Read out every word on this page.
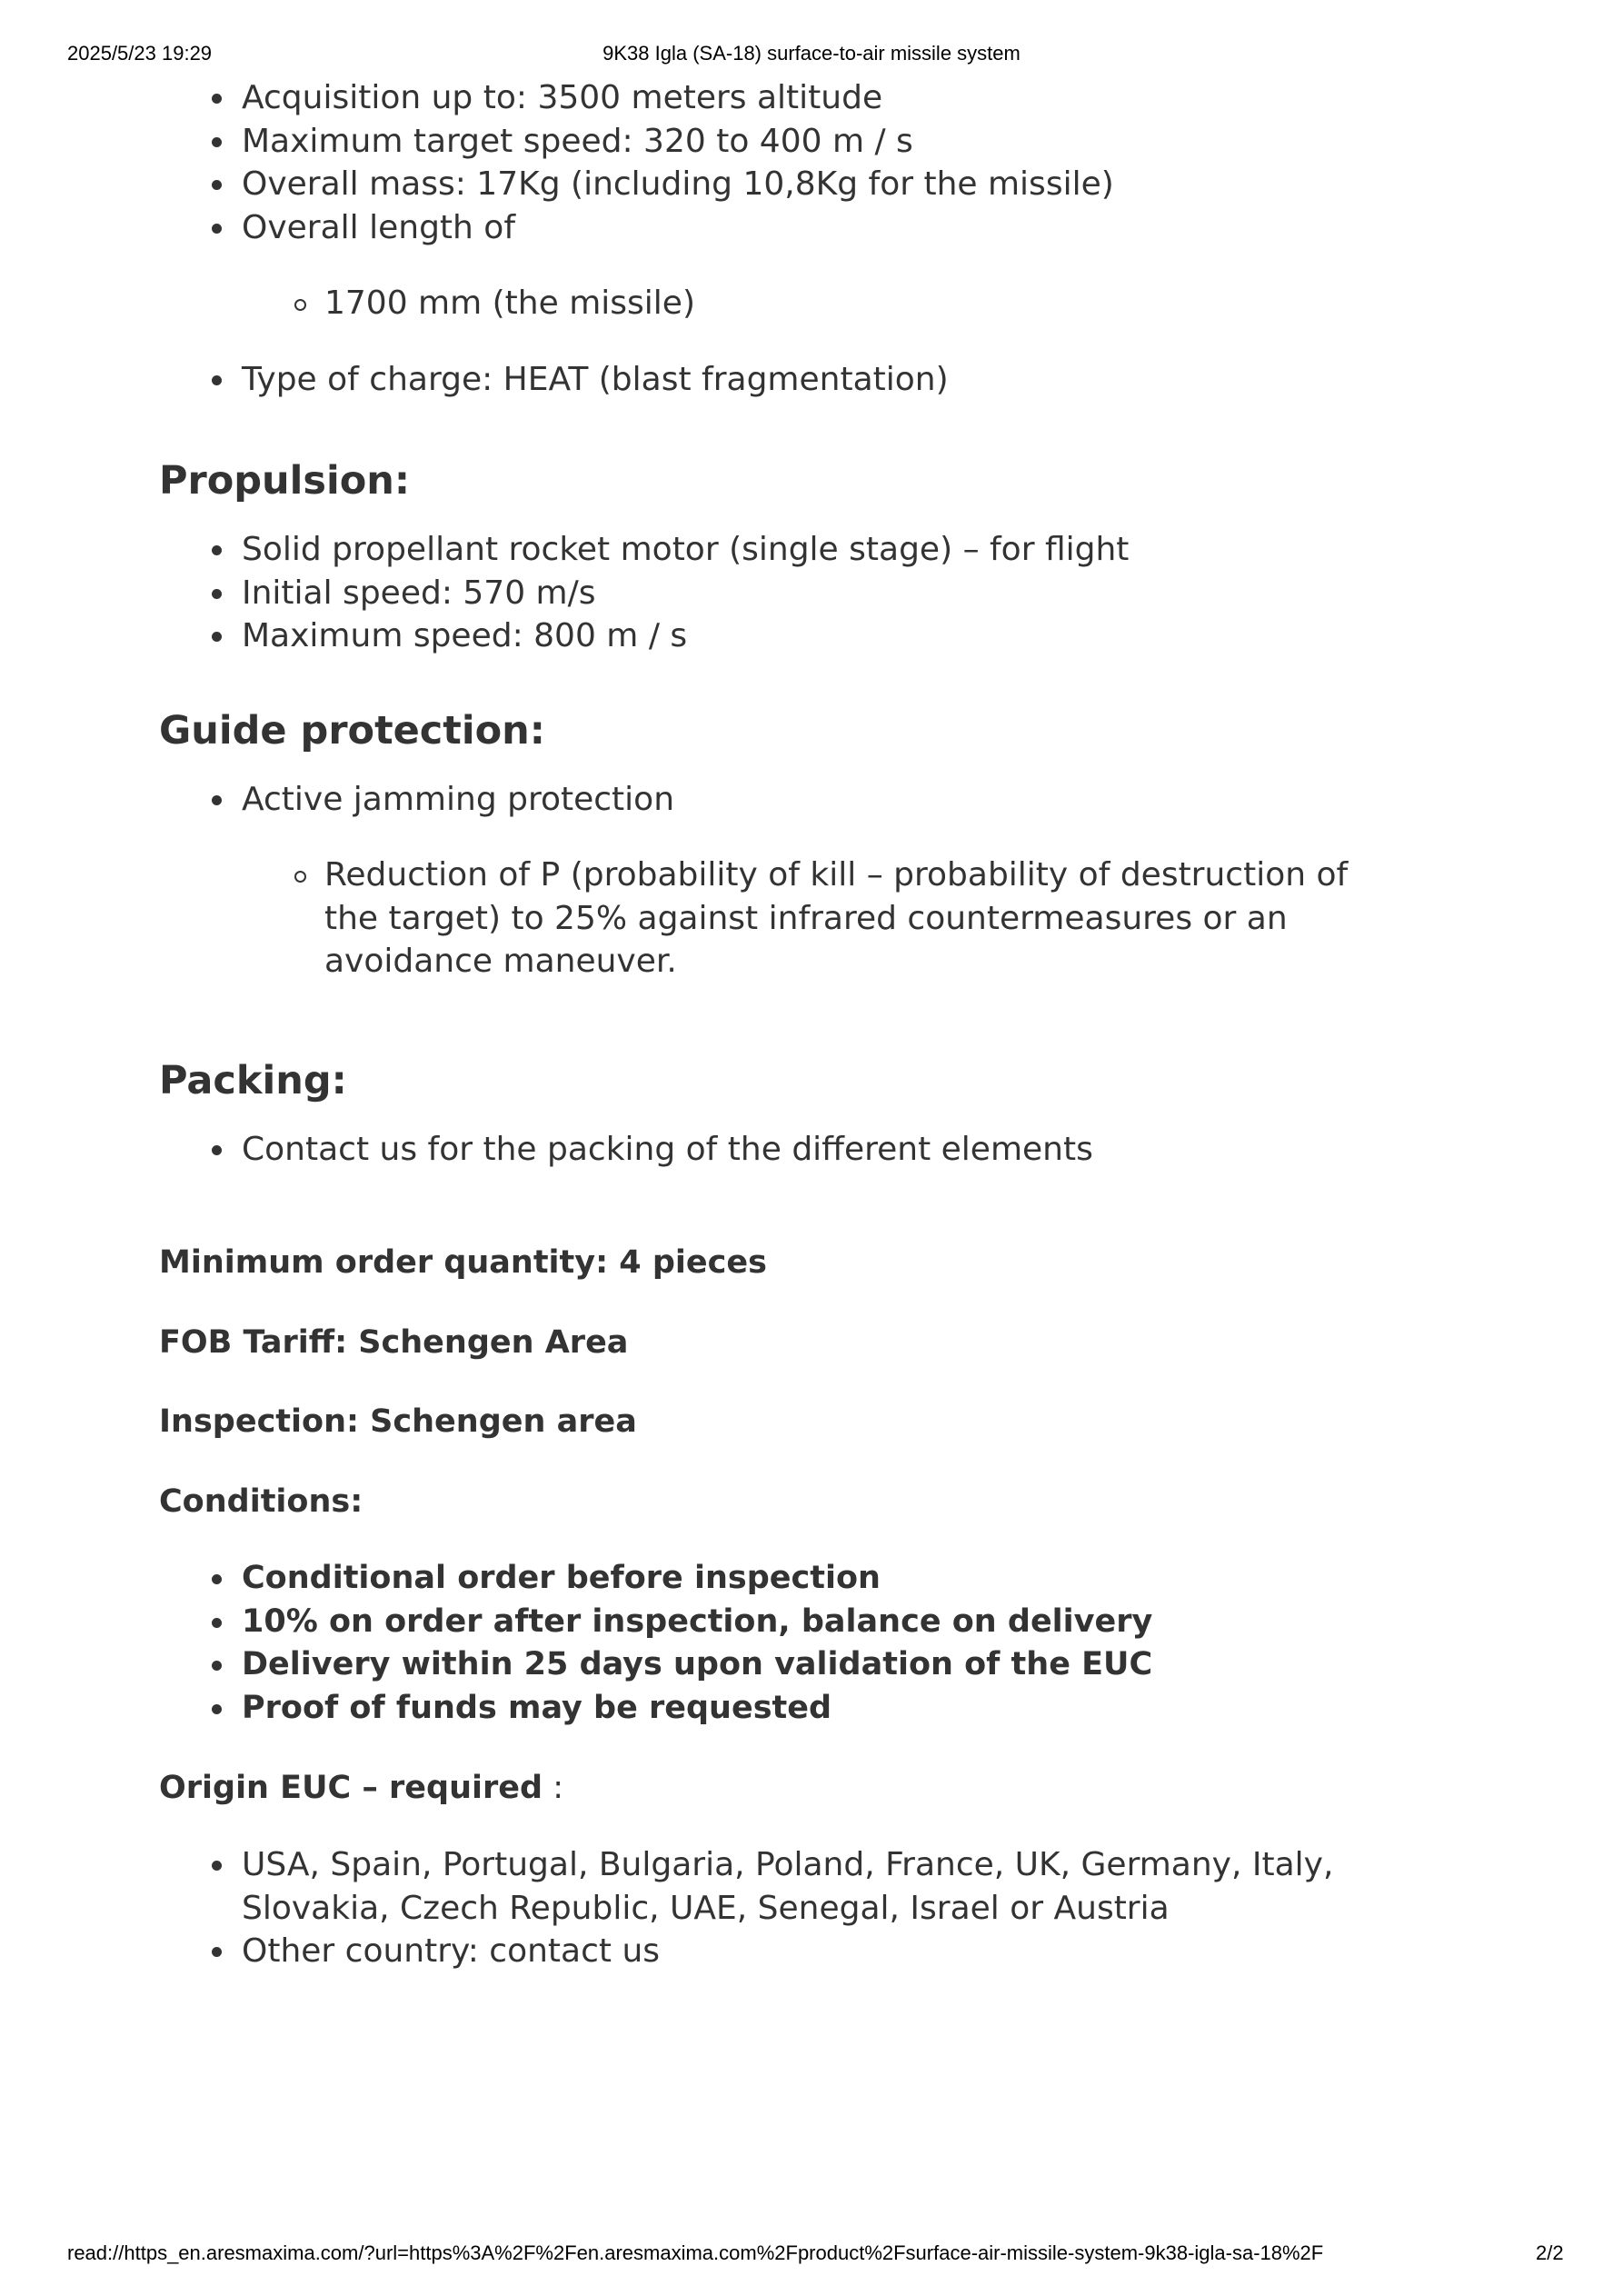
2025/5/23 19:29	9K38 Igla (SA-18) surface-to-air missile system
Acquisition up to: 3500 meters altitude
Maximum target speed: 320 to 400 m / s
Overall mass: 17Kg (including 10,8Kg for the missile)
Overall length of
1700 mm (the missile)
Type of charge: HEAT (blast fragmentation)
Propulsion:
Solid propellant rocket motor (single stage) – for flight
Initial speed: 570 m/s
Maximum speed: 800 m / s
Guide protection:
Active jamming protection
Reduction of P (probability of kill – probability of destruction of
the target) to 25% against infrared countermeasures or an
avoidance maneuver.
Packing:
Contact us for the packing of the different elements

Minimum order quantity: 4 pieces

FOB Tariff: Schengen Area

Inspection: Schengen area

Conditions:

Conditional order before inspection
10% on order after inspection, balance on delivery
Delivery within 25 days upon validation of the EUC
Proof of funds may be requested

Origin EUC – required :

USA, Spain, Portugal, Bulgaria, Poland, France, UK, Germany, Italy,
Slovakia, Czech Republic, UAE, Senegal, Israel or Austria
Other country: contact us
read://https_en.aresmaxima.com/?url=https%3A%2F%2Fen.aresmaxima.com%2Fproduct%2Fsurface-air-missile-system-9k38-igla-sa-18%2F	2/2
